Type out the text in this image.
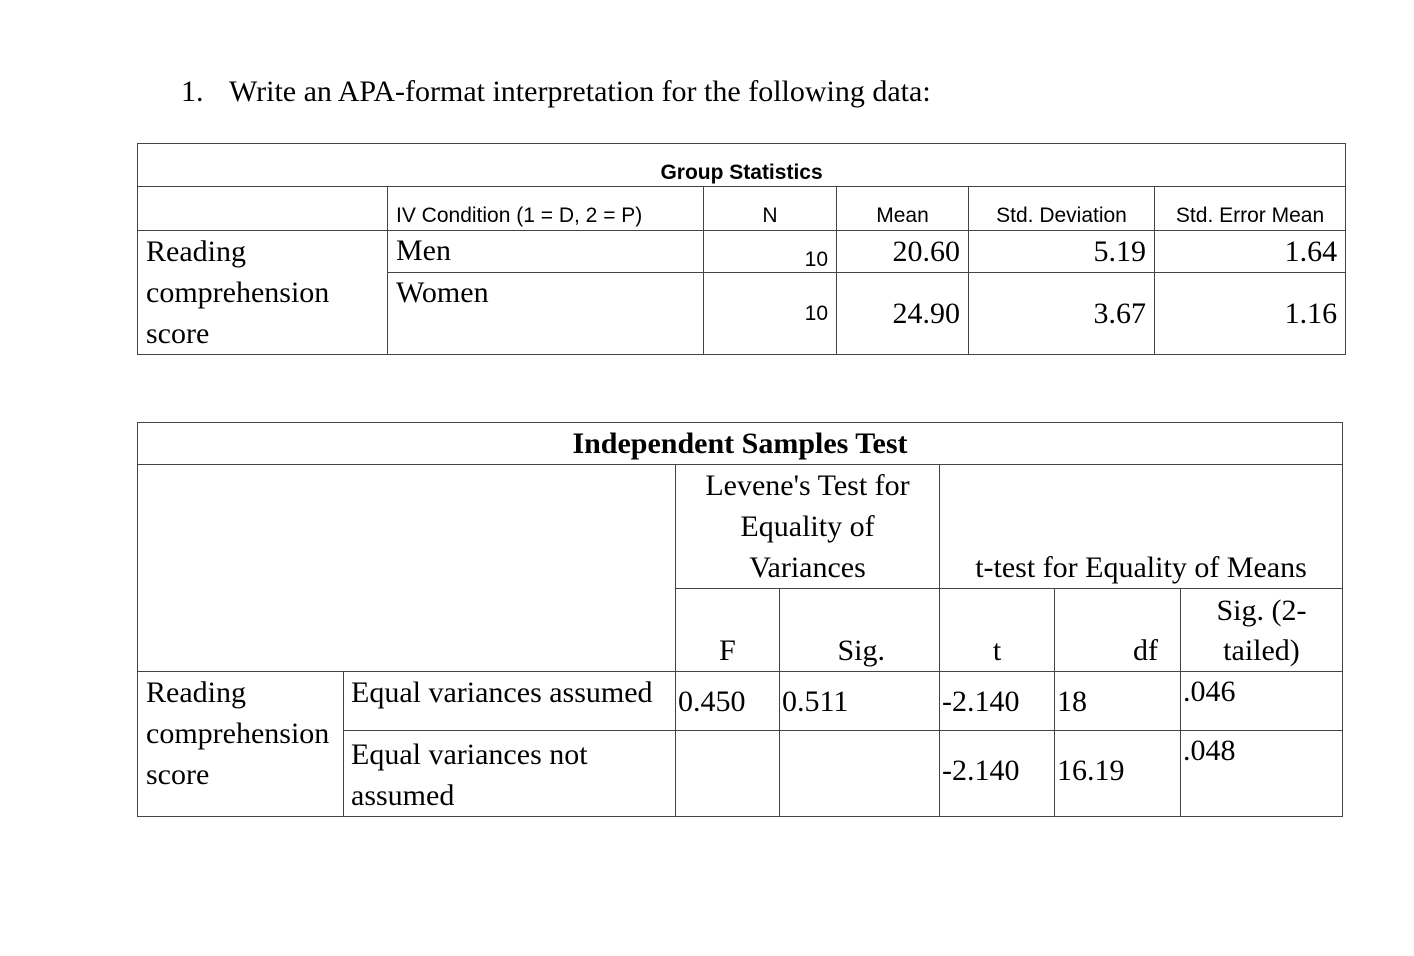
1. Write an APA-format interpretation for the following data:
Group Statistics					
	IV Condition (1 = D, 2 = P)	N	Mean	Std. Deviation	Std. Error Mean

Reading
comprehension
score	Men	10	20.60	5.19	1.64
	Women	10	24.90	3.67	1.16
Independent Samples Test						

		Levene's Test for
Equality of
Variances		t-test for Equality of Means		
		F	Sig.	t	df	Sig. (2-
tailed)

Reading
comprehension
score	Equal variances assumed	0.450	0.511	-2.140	18	.046

	Equal variances not
assumed			-2.140	16.19	.048
